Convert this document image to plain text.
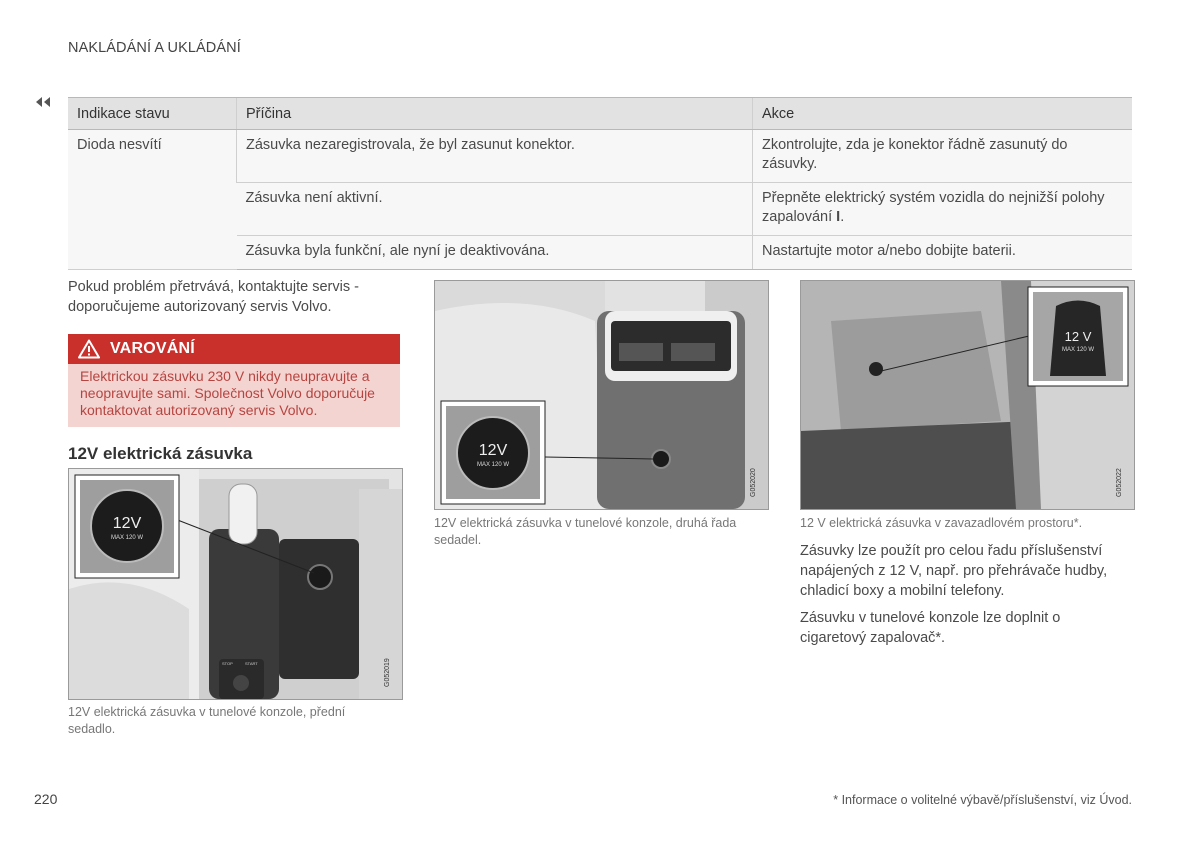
NAKLÁDÁNÍ A UKLÁDÁNÍ
Indikace stavu	Příčina	Akce
Dioda nesvítí	Zásuvka nezaregistrovala, že byl zasunut konektor.	Zkontrolujte, zda je konektor řádně zasunutý do zásuvky.
	Zásuvka není aktivní.	Přepněte elektrický systém vozidla do nejnižší polohy zapalování I.
	Zásuvka byla funkční, ale nyní je deaktivována.	Nastartujte motor a/nebo dobijte baterii.
Pokud problém přetrvává, kontaktujte servis - doporučujeme autorizovaný servis Volvo.
VAROVÁNÍ
Elektrickou zásuvku 230 V nikdy neupravujte a neopravujte sami. Společnost Volvo doporučuje kontaktovat autorizovaný servis Volvo.
12V elektrická zásuvka
STOP	START
12V
MAX 120 W
G052019
12V elektrická zásuvka v tunelové konzole, přední sedadlo.
12V
MAX 120 W
G052020
12V elektrická zásuvka v tunelové konzole, druhá řada sedadel.
12 V
MAX 120 W
G052022
12 V elektrická zásuvka v zavazadlovém prostoru*.
Zásuvky lze použít pro celou řadu příslušenství napájených z 12 V, např. pro přehrávače hudby, chladicí boxy a mobilní telefony.
Zásuvku v tunelové konzole lze doplnit o cigaretový zapalovač*.
220	* Informace o volitelné výbavě/příslušenství, viz Úvod.
